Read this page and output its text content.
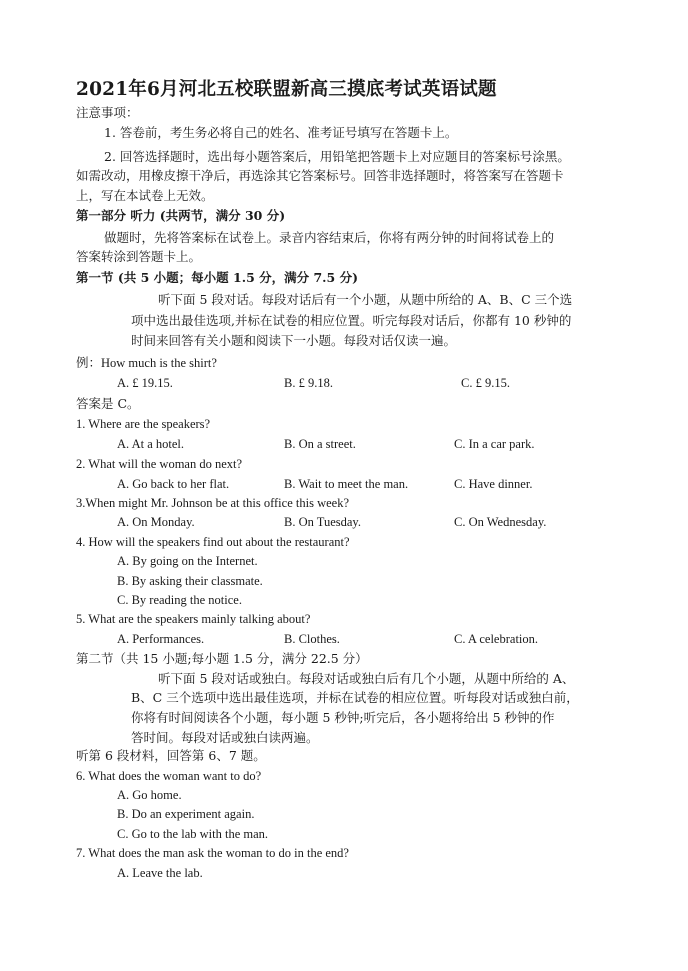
2021年6月河北五校联盟新高三摸底考试英语试题
注意事项：
1. 答卷前，考生务必将自己的姓名、准考证号填写在答题卡上。
2. 回答选择题时，选出每小题答案后，用铅笔把答题卡上对应题目的答案标号涂黑。
如需改动，用橡皮擦干净后，再选涂其它答案标号。回答非选择题时，将答案写在答题卡
上，写在本试卷上无效。
第一部分 听力 (共两节，满分 30 分)
做题时，先将答案标在试卷上。录音内容结束后，你将有两分钟的时间将试卷上的
答案转涂到答题卡上。
第一节 (共 5 小题；每小题 1.5 分，满分 7.5 分)
听下面 5 段对话。每段对话后有一个小题，从题中所给的 A、B、C 三个选
项中选出最佳选项,并标在试卷的相应位置。听完每段对话后，你都有 10 秒钟的
时间来回答有关小题和阅读下一小题。每段对话仅读一遍。
例：How much is the shirt?
A. £ 19.15.	B. £ 9.18.	C. £ 9.15.
答案是 C。
1. Where are the speakers?
A. At a hotel.	B. On a street.	C. In a car park.
2. What will the woman do next?
A. Go back to her flat.	B. Wait to meet the man.	C. Have dinner.
3.When might Mr. Johnson be at this office this week?
A. On Monday.	B. On Tuesday.	C. On Wednesday.
4. How will the speakers find out about the restaurant?
A. By going on the Internet.
B. By asking their classmate.
C. By reading the notice.
5. What are the speakers mainly talking about?
A. Performances.	B. Clothes.	C. A celebration.
第二节（共 15 小题;每小题 1.5 分，满分 22.5 分）
听下面 5 段对话或独白。每段对话或独白后有几个小题，从题中所给的 A、
B、C 三个选项中选出最佳选项，并标在试卷的相应位置。听每段对话或独白前，
你将有时间阅读各个小题，每小题 5 秒钟;听完后，各小题将给出 5 秒钟的作
答时间。每段对话或独白读两遍。
听第 6 段材料，回答第 6、7 题。
6. What does the woman want to do?
A. Go home.
B. Do an experiment again.
C. Go to the lab with the man.
7. What does the man ask the woman to do in the end?
A. Leave the lab.
